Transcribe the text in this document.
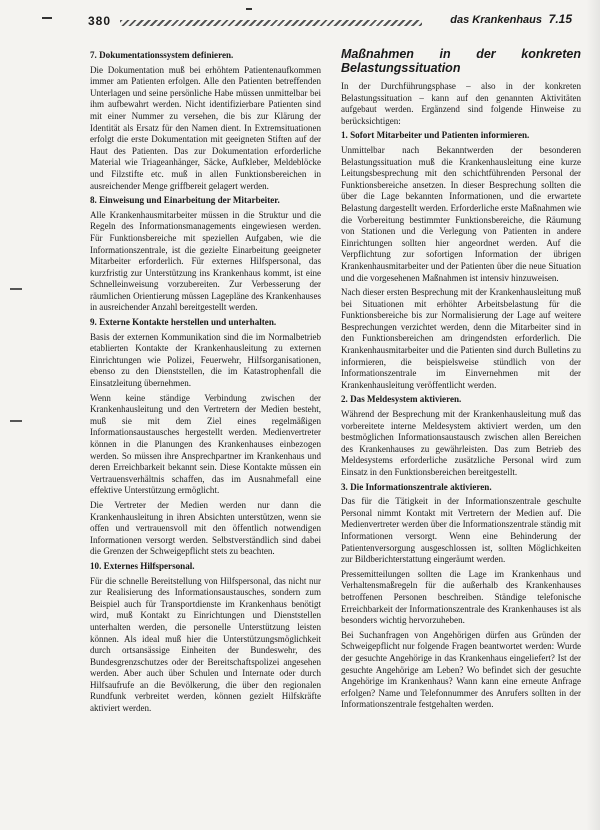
380	das Krankenhaus 7.15
7. Dokumentationssystem definieren.

Die Dokumentation muß bei erhöhtem Patientenaufkommen immer am Patienten erfolgen. Alle den Patienten betreffenden Unterlagen und seine persönliche Habe müssen unmittelbar bei ihm aufbewahrt werden. Nicht identifizierbare Patienten sind mit einer Nummer zu versehen, die bis zur Klärung der Identität als Ersatz für den Namen dient. In Extremsituationen erfolgt die erste Dokumentation mit geeigneten Stiften auf der Haut des Patienten. Das zur Dokumentation erforderliche Material wie Triageanhänger, Säcke, Aufkleber, Meldeblöcke und Filzstifte etc. muß in allen Funktionsbereichen in ausreichender Menge griffbereit gelagert werden.

8. Einweisung und Einarbeitung der Mitarbeiter.

Alle Krankenhausmitarbeiter müssen in die Struktur und die Regeln des Informationsmanagements eingewiesen werden. Für Funktionsbereiche mit speziellen Aufgaben, wie die Informationszentrale, ist die gezielte Einarbeitung geeigneter Mitarbeiter erforderlich. Für externes Hilfspersonal, das kurzfristig zur Unterstützung ins Krankenhaus kommt, ist eine Schnelleinweisung vorzubereiten. Zur Verbesserung der räumlichen Orientierung müssen Lagepläne des Krankenhauses in ausreichender Anzahl bereitgestellt werden.

9. Externe Kontakte herstellen und unterhalten.

Basis der externen Kommunikation sind die im Normalbetrieb etablierten Kontakte der Krankenhausleitung zu externen Einrichtungen wie Polizei, Feuerwehr, Hilfsorganisationen, ebenso zu den Dienststellen, die im Katastrophenfall die Einsatzleitung übernehmen.

Wenn keine ständige Verbindung zwischen der Krankenhausleitung und den Vertretern der Medien besteht, muß sie mit dem Ziel eines regelmäßigen Informationsaustausches hergestellt werden. Medienvertreter können in die Planungen des Krankenhauses einbezogen werden. So müssen ihre Ansprechpartner im Krankenhaus und deren Erreichbarkeit bekannt sein. Diese Kontakte müssen ein Vertrauensverhältnis schaffen, das im Ausnahmefall eine effektive Unterstützung ermöglicht.

Die Vertreter der Medien werden nur dann die Krankenhausleitung in ihren Absichten unterstützen, wenn sie offen und vertrauensvoll mit den öffentlich notwendigen Informationen versorgt werden. Selbstverständlich sind dabei die Grenzen der Schweigepflicht stets zu beachten.

10. Externes Hilfspersonal.

Für die schnelle Bereitstellung von Hilfspersonal, das nicht nur zur Realisierung des Informationsaustausches, sondern zum Beispiel auch für Transportdienste im Krankenhaus benötigt wird, muß Kontakt zu Einrichtungen und Dienststellen unterhalten werden, die personelle Unterstützung leisten können. Als ideal muß hier die Unterstützungsmöglichkeit durch ortsansässige Einheiten der Bundeswehr, des Bundesgrenzschutzes oder der Bereitschaftspolizei angesehen werden. Aber auch über Schulen und Internate oder durch Hilfsaufrufe an die Bevölkerung, die über den regionalen Rundfunk verbreitet werden, können gezielt Hilfskräfte aktiviert werden.

Maßnahmen in der konkreten Belastungssituation

In der Durchführungsphase – also in der konkreten Belastungssituation – kann auf den genannten Aktivitäten aufgebaut werden. Ergänzend sind folgende Hinweise zu berücksichtigen:

1. Sofort Mitarbeiter und Patienten informieren.

Unmittelbar nach Bekanntwerden der besonderen Belastungssituation muß die Krankenhausleitung eine kurze Leitungsbesprechung mit den schichtführenden Personal der Funktionsbereiche ansetzen. In dieser Besprechung sollten die über die Lage bekannten Informationen, und die erwartete Belastung dargestellt werden. Erforderliche erste Maßnahmen wie die Vorbereitung bestimmter Funktionsbereiche, die Räumung von Stationen und die Verlegung von Patienten in andere Einrichtungen sollten hier angeordnet werden. Auf die Verpflichtung zur sofortigen Information der übrigen Krankenhausmitarbeiter und der Patienten über die neue Situation und die vorgesehenen Maßnahmen ist intensiv hinzuweisen.

Nach dieser ersten Besprechung mit der Krankenhausleitung muß bei Situationen mit erhöhter Arbeitsbelastung für die Funktionsbereiche bis zur Normalisierung der Lage auf weitere Besprechungen verzichtet werden, denn die Mitarbeiter sind in den Funktionsbereichen am dringendsten erforderlich. Die Krankenhausmitarbeiter und die Patienten sind durch Bulletins zu informieren, die beispielsweise stündlich von der Informationszentrale im Einvernehmen mit der Krankenhausleitung veröffentlicht werden.

2. Das Meldesystem aktivieren.

Während der Besprechung mit der Krankenhausleitung muß das vorbereitete interne Meldesystem aktiviert werden, um den bestmöglichen Informationsaustausch zwischen allen Bereichen des Krankenhauses zu gewährleisten. Das zum Betrieb des Meldesystems erforderliche zusätzliche Personal wird zum Einsatz in den Funktionsbereichen bereitgestellt.

3. Die Informationszentrale aktivieren.

Das für die Tätigkeit in der Informationszentrale geschulte Personal nimmt Kontakt mit Vertretern der Medien auf. Die Medienvertreter werden über die Informationszentrale ständig mit Informationen versorgt. Wenn eine Behinderung der Patientenversorgung ausgeschlossen ist, sollten Möglichkeiten zur Bildberichterstattung eingeräumt werden.

Pressemitteilungen sollten die Lage im Krankenhaus und Verhaltensmaßregeln für die außerhalb des Krankenhauses betroffenen Personen beschreiben. Ständige telefonische Erreichbarkeit der Informationszentrale des Krankenhauses ist als besonders wichtig hervorzuheben.

Bei Suchanfragen von Angehörigen dürfen aus Gründen der Schweigepflicht nur folgende Fragen beantwortet werden: Wurde der gesuchte Angehörige in das Krankenhaus eingeliefert? Ist der gesuchte Angehörige am Leben? Wo befindet sich der gesuchte Angehörige im Krankenhaus? Wann kann eine erneute Anfrage erfolgen? Name und Telefonnummer des Anrufers sollten in der Informationszentrale festgehalten werden.
